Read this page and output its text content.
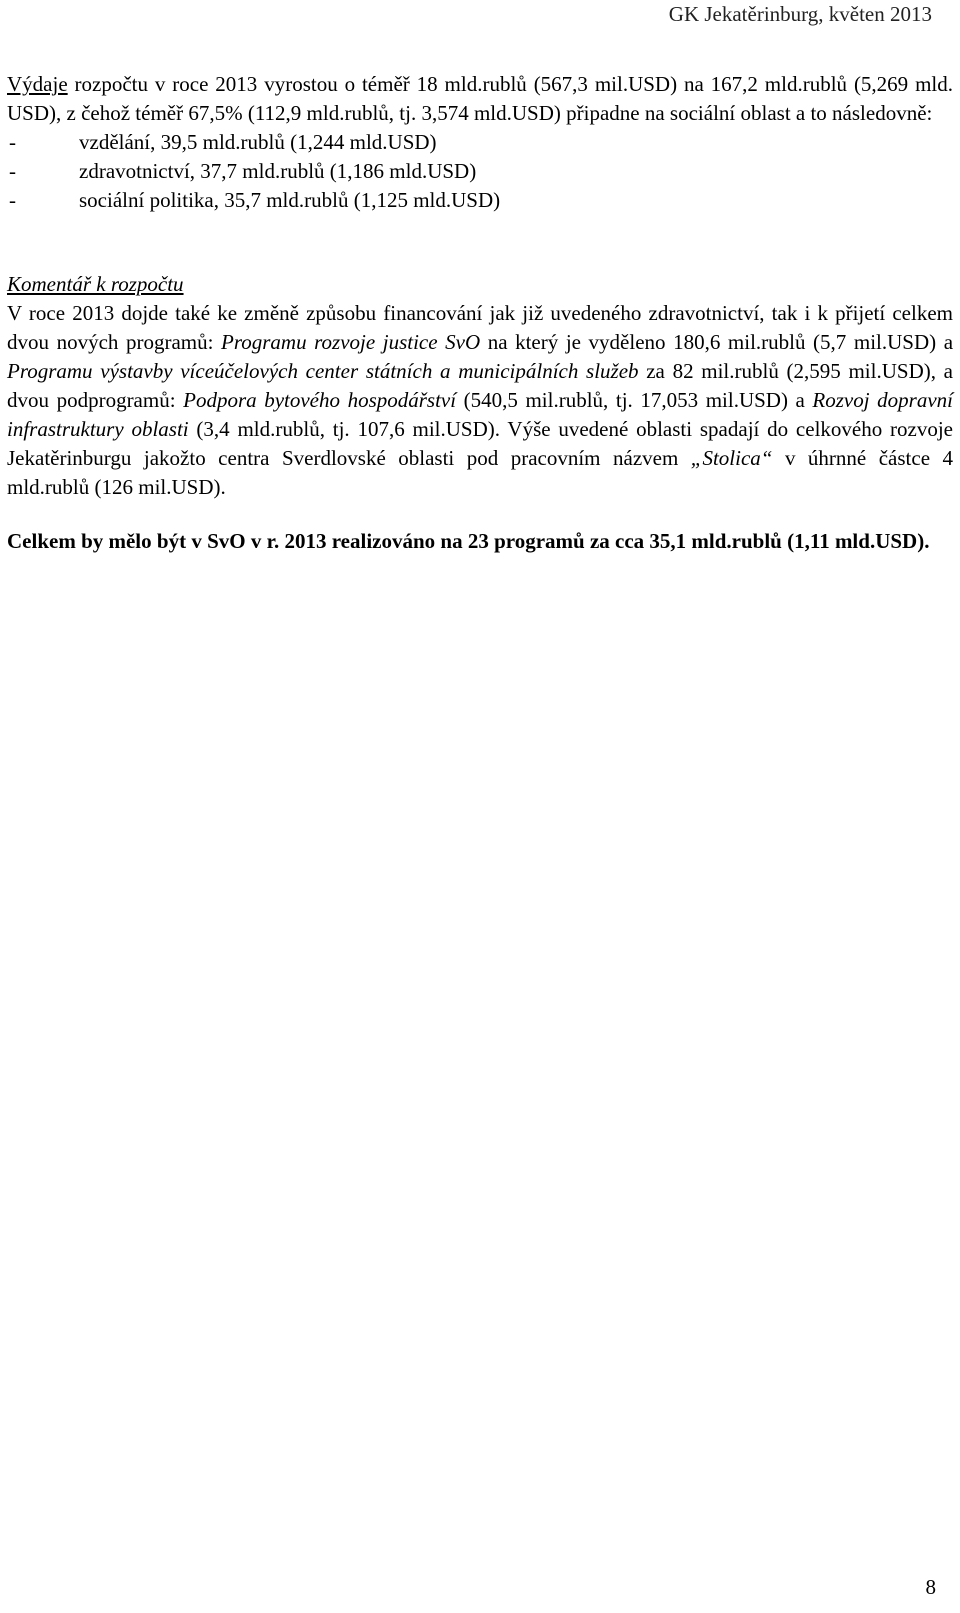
GK Jekatěrinburg, květen 2013

Výdaje rozpočtu v roce 2013 vyrostou o téměř 18 mld.rublů (567,3 mil.USD) na 167,2 mld.rublů (5,269 mld. USD), z čehož téměř 67,5% (112,9 mld.rublů, tj. 3,574 mld.USD) připadne na sociální oblast a to následovně:

-	vzdělání, 39,5 mld.rublů (1,244 mld.USD)
-	zdravotnictví, 37,7 mld.rublů (1,186 mld.USD)
-	sociální politika, 35,7 mld.rublů (1,125 mld.USD)
Komentář k rozpočtu

V roce 2013 dojde také ke změně způsobu financování jak již uvedeného zdravotnictví, tak i k přijetí celkem dvou nových programů: Programu rozvoje justice SvO na který je vyděleno 180,6 mil.rublů (5,7 mil.USD) a Programu výstavby víceúčelových center státních a municipálních služeb za 82 mil.rublů (2,595 mil.USD), a dvou podprogramů: Podpora bytového hospodářství (540,5 mil.rublů, tj. 17,053 mil.USD) a Rozvoj dopravní infrastruktury oblasti (3,4 mld.rublů, tj. 107,6 mil.USD). Výše uvedené oblasti spadají do celkového rozvoje Jekatěrinburgu jakožto centra Sverdlovské oblasti pod pracovním názvem „Stolica“ v úhrnné částce 4 mld.rublů (126 mil.USD).

Celkem by mělo být v SvO v r. 2013 realizováno na 23 programů za cca 35,1 mld.rublů (1,11 mld.USD).

8
